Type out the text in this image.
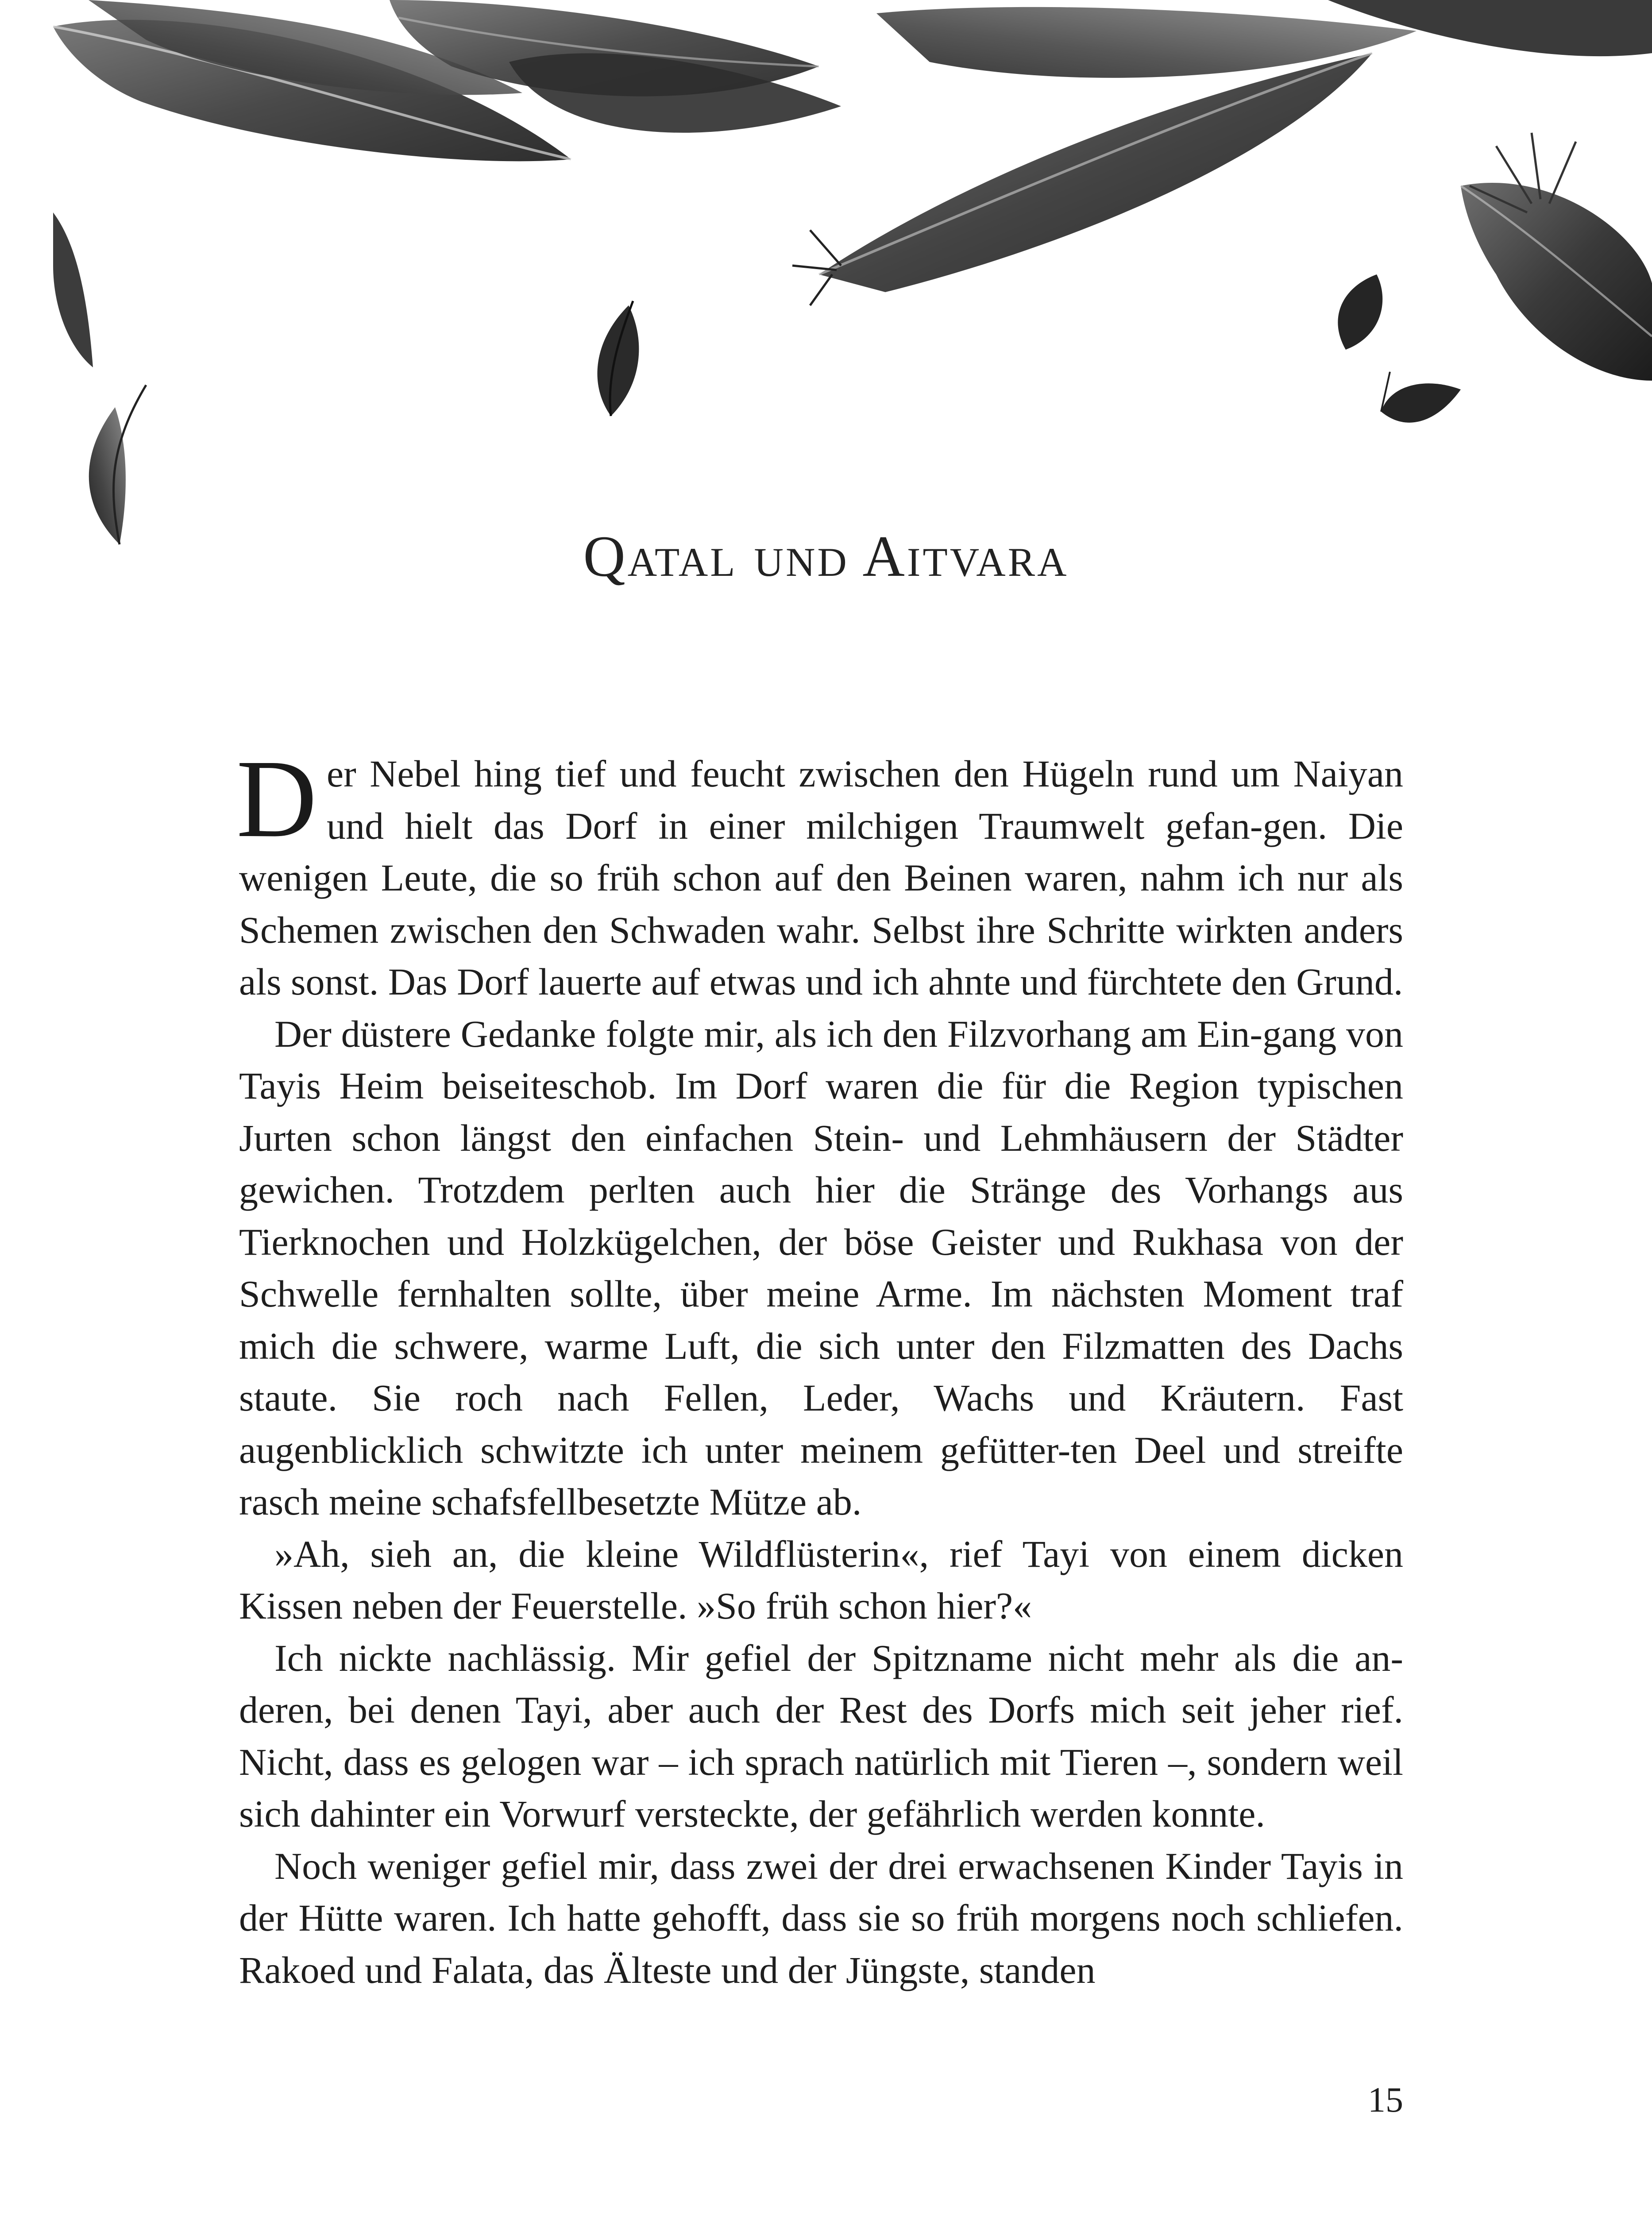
Qatal und Aitvara

Der Nebel hing tief und feucht zwischen den Hügeln rund um Naiyan und hielt das Dorf in einer milchigen Traumwelt gefan-gen. Die wenigen Leute, die so früh schon auf den Beinen waren, nahm ich nur als Schemen zwischen den Schwaden wahr. Selbst ihre Schritte wirkten anders als sonst. Das Dorf lauerte auf etwas und ich ahnte und fürchtete den Grund.

Der düstere Gedanke folgte mir, als ich den Filzvorhang am Ein-gang von Tayis Heim beiseiteschob. Im Dorf waren die für die Region typischen Jurten schon längst den einfachen Stein- und Lehmhäusern der Städter gewichen. Trotzdem perlten auch hier die Stränge des Vorhangs aus Tierknochen und Holzkügelchen, der böse Geister und Rukhasa von der Schwelle fernhalten sollte, über meine Arme. Im nächsten Moment traf mich die schwere, warme Luft, die sich unter den Filzmatten des Dachs staute. Sie roch nach Fellen, Leder, Wachs und Kräutern. Fast augenblicklich schwitzte ich unter meinem gefütter-ten Deel und streifte rasch meine schafsfellbesetzte Mütze ab.

»Ah, sieh an, die kleine Wildflüsterin«, rief Tayi von einem dicken Kissen neben der Feuerstelle. »So früh schon hier?«

Ich nickte nachlässig. Mir gefiel der Spitzname nicht mehr als die an-deren, bei denen Tayi, aber auch der Rest des Dorfs mich seit jeher rief. Nicht, dass es gelogen war – ich sprach natürlich mit Tieren –, sondern weil sich dahinter ein Vorwurf versteckte, der gefährlich werden konnte.

Noch weniger gefiel mir, dass zwei der drei erwachsenen Kinder Tayis in der Hütte waren. Ich hatte gehofft, dass sie so früh morgens noch schliefen. Rakoed und Falata, das Älteste und der Jüngste, standen

15
